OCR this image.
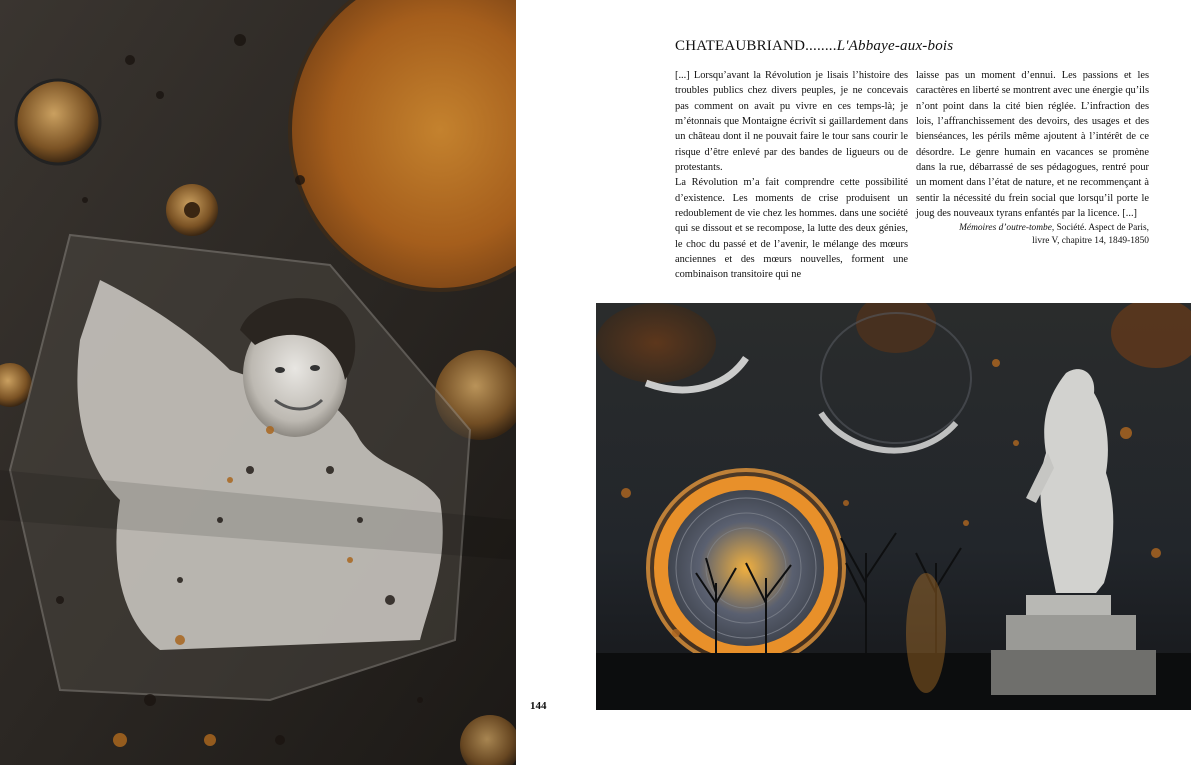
CHATEAUBRIAND........L'Abbaye-aux-bois

[...] Lorsqu’avant la Révolution je lisais l’histoire des troubles publics chez divers peuples, je ne concevais pas comment on avait pu vivre en ces temps-là; je m’étonnais que Montaigne écrivît si gaillardement dans un château dont il ne pouvait faire le tour sans courir le risque d’être enlevé par des bandes de ligueurs ou de protestants.

La Révolution m’a fait comprendre cette possibilité d’existence. Les moments de crise produisent un redoublement de vie chez les hommes. dans une société qui se dissout et se recompose, la lutte des deux génies, le choc du passé et de l’avenir, le mélange des mœurs anciennes et des mœurs nouvelles, forment une combinaison transitoire qui ne

laisse pas un moment d’ennui. Les passions et les caractères en liberté se montrent avec une énergie qu’ils n’ont point dans la cité bien réglée. L’infraction des lois, l’affranchissement des devoirs, des usages et des bienséances, les périls même ajoutent à l’intérêt de ce désordre. Le genre humain en vacances se promène dans la rue, débarrassé de ses pédagogues, rentré pour un moment dans l’état de nature, et ne recommençant à sentir la nécessité du frein social que lorsqu’il porte le joug des nouveaux tyrans enfantés par la licence. [...]

Mémoires d’outre-tombe, Société. Aspect de Paris,
livre V, chapitre 14, 1849-1850
144
